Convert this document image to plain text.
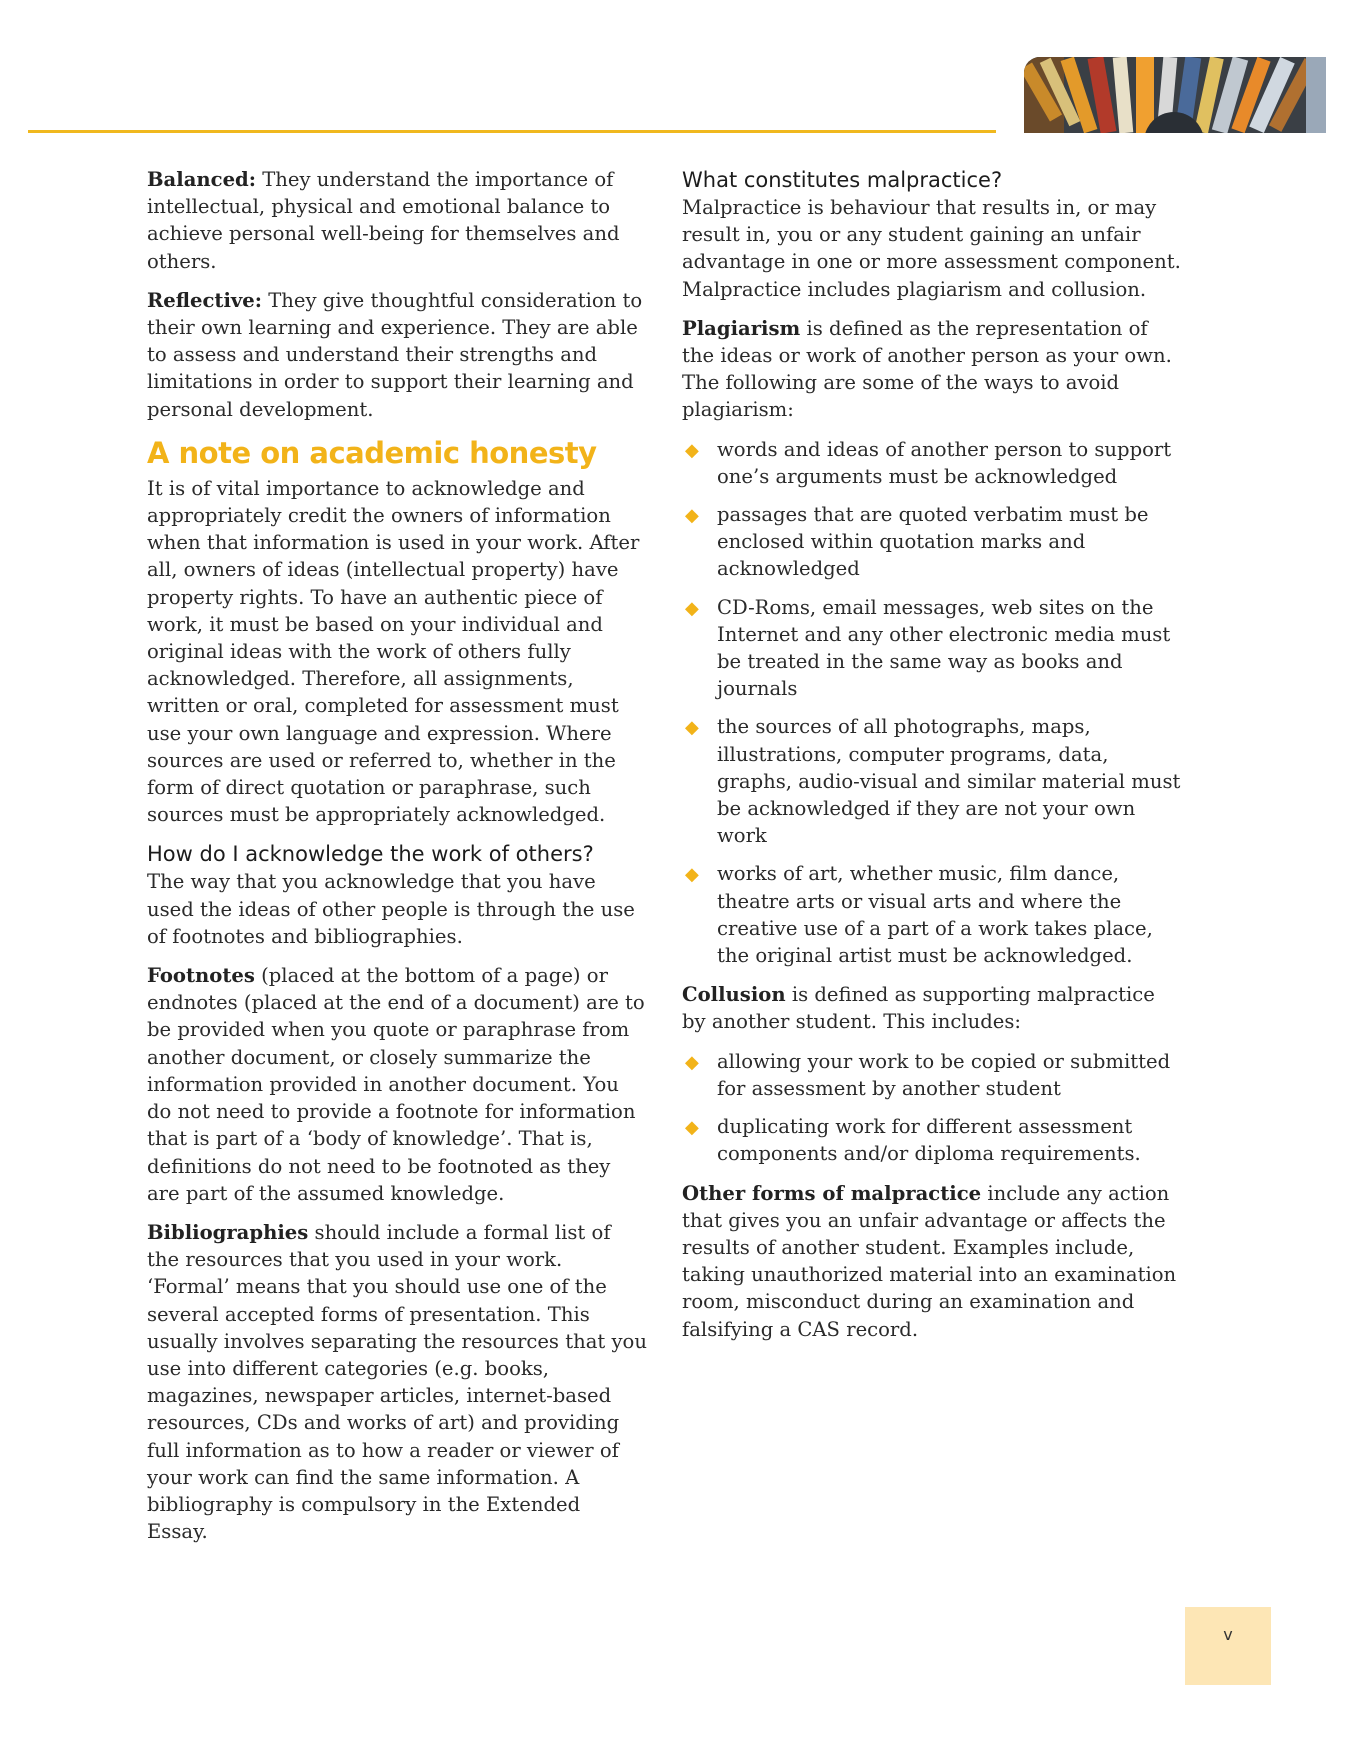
Balanced: They understand the importance of intellectual, physical and emotional balance to achieve personal well-being for themselves and others.

Reflective: They give thoughtful consideration to their own learning and experience. They are able to assess and understand their strengths and limitations in order to support their learning and personal development.

A note on academic honesty

It is of vital importance to acknowledge and appropriately credit the owners of information when that information is used in your work. After all, owners of ideas (intellectual property) have property rights. To have an authentic piece of work, it must be based on your individual and original ideas with the work of others fully acknowledged. Therefore, all assignments, written or oral, completed for assessment must use your own language and expression. Where sources are used or referred to, whether in the form of direct quotation or paraphrase, such sources must be appropriately acknowledged.

How do I acknowledge the work of others?

The way that you acknowledge that you have used the ideas of other people is through the use of footnotes and bibliographies.

Footnotes (placed at the bottom of a page) or endnotes (placed at the end of a document) are to be provided when you quote or paraphrase from another document, or closely summarize the information provided in another document. You do not need to provide a footnote for information that is part of a ‘body of knowledge’. That is, definitions do not need to be footnoted as they are part of the assumed knowledge.

Bibliographies should include a formal list of the resources that you used in your work. ‘Formal’ means that you should use one of the several accepted forms of presentation. This usually involves separating the resources that you use into different categories (e.g. books, magazines, newspaper articles, internet-based resources, CDs and works of art) and providing full information as to how a reader or viewer of your work can find the same information. A bibliography is compulsory in the Extended Essay.

What constitutes malpractice?

Malpractice is behaviour that results in, or may result in, you or any student gaining an unfair advantage in one or more assessment component. Malpractice includes plagiarism and collusion.

Plagiarism is defined as the representation of the ideas or work of another person as your own. The following are some of the ways to avoid plagiarism:

◆ words and ideas of another person to support one’s arguments must be acknowledged
◆ passages that are quoted verbatim must be enclosed within quotation marks and acknowledged
◆ CD-Roms, email messages, web sites on the Internet and any other electronic media must be treated in the same way as books and journals
◆ the sources of all photographs, maps, illustrations, computer programs, data, graphs, audio-visual and similar material must be acknowledged if they are not your own work
◆ works of art, whether music, film dance, theatre arts or visual arts and where the creative use of a part of a work takes place, the original artist must be acknowledged.

Collusion is defined as supporting malpractice by another student. This includes:

◆ allowing your work to be copied or submitted for assessment by another student
◆ duplicating work for different assessment components and/or diploma requirements.

Other forms of malpractice include any action that gives you an unfair advantage or affects the results of another student. Examples include, taking unauthorized material into an examination room, misconduct during an examination and falsifying a CAS record.

v
